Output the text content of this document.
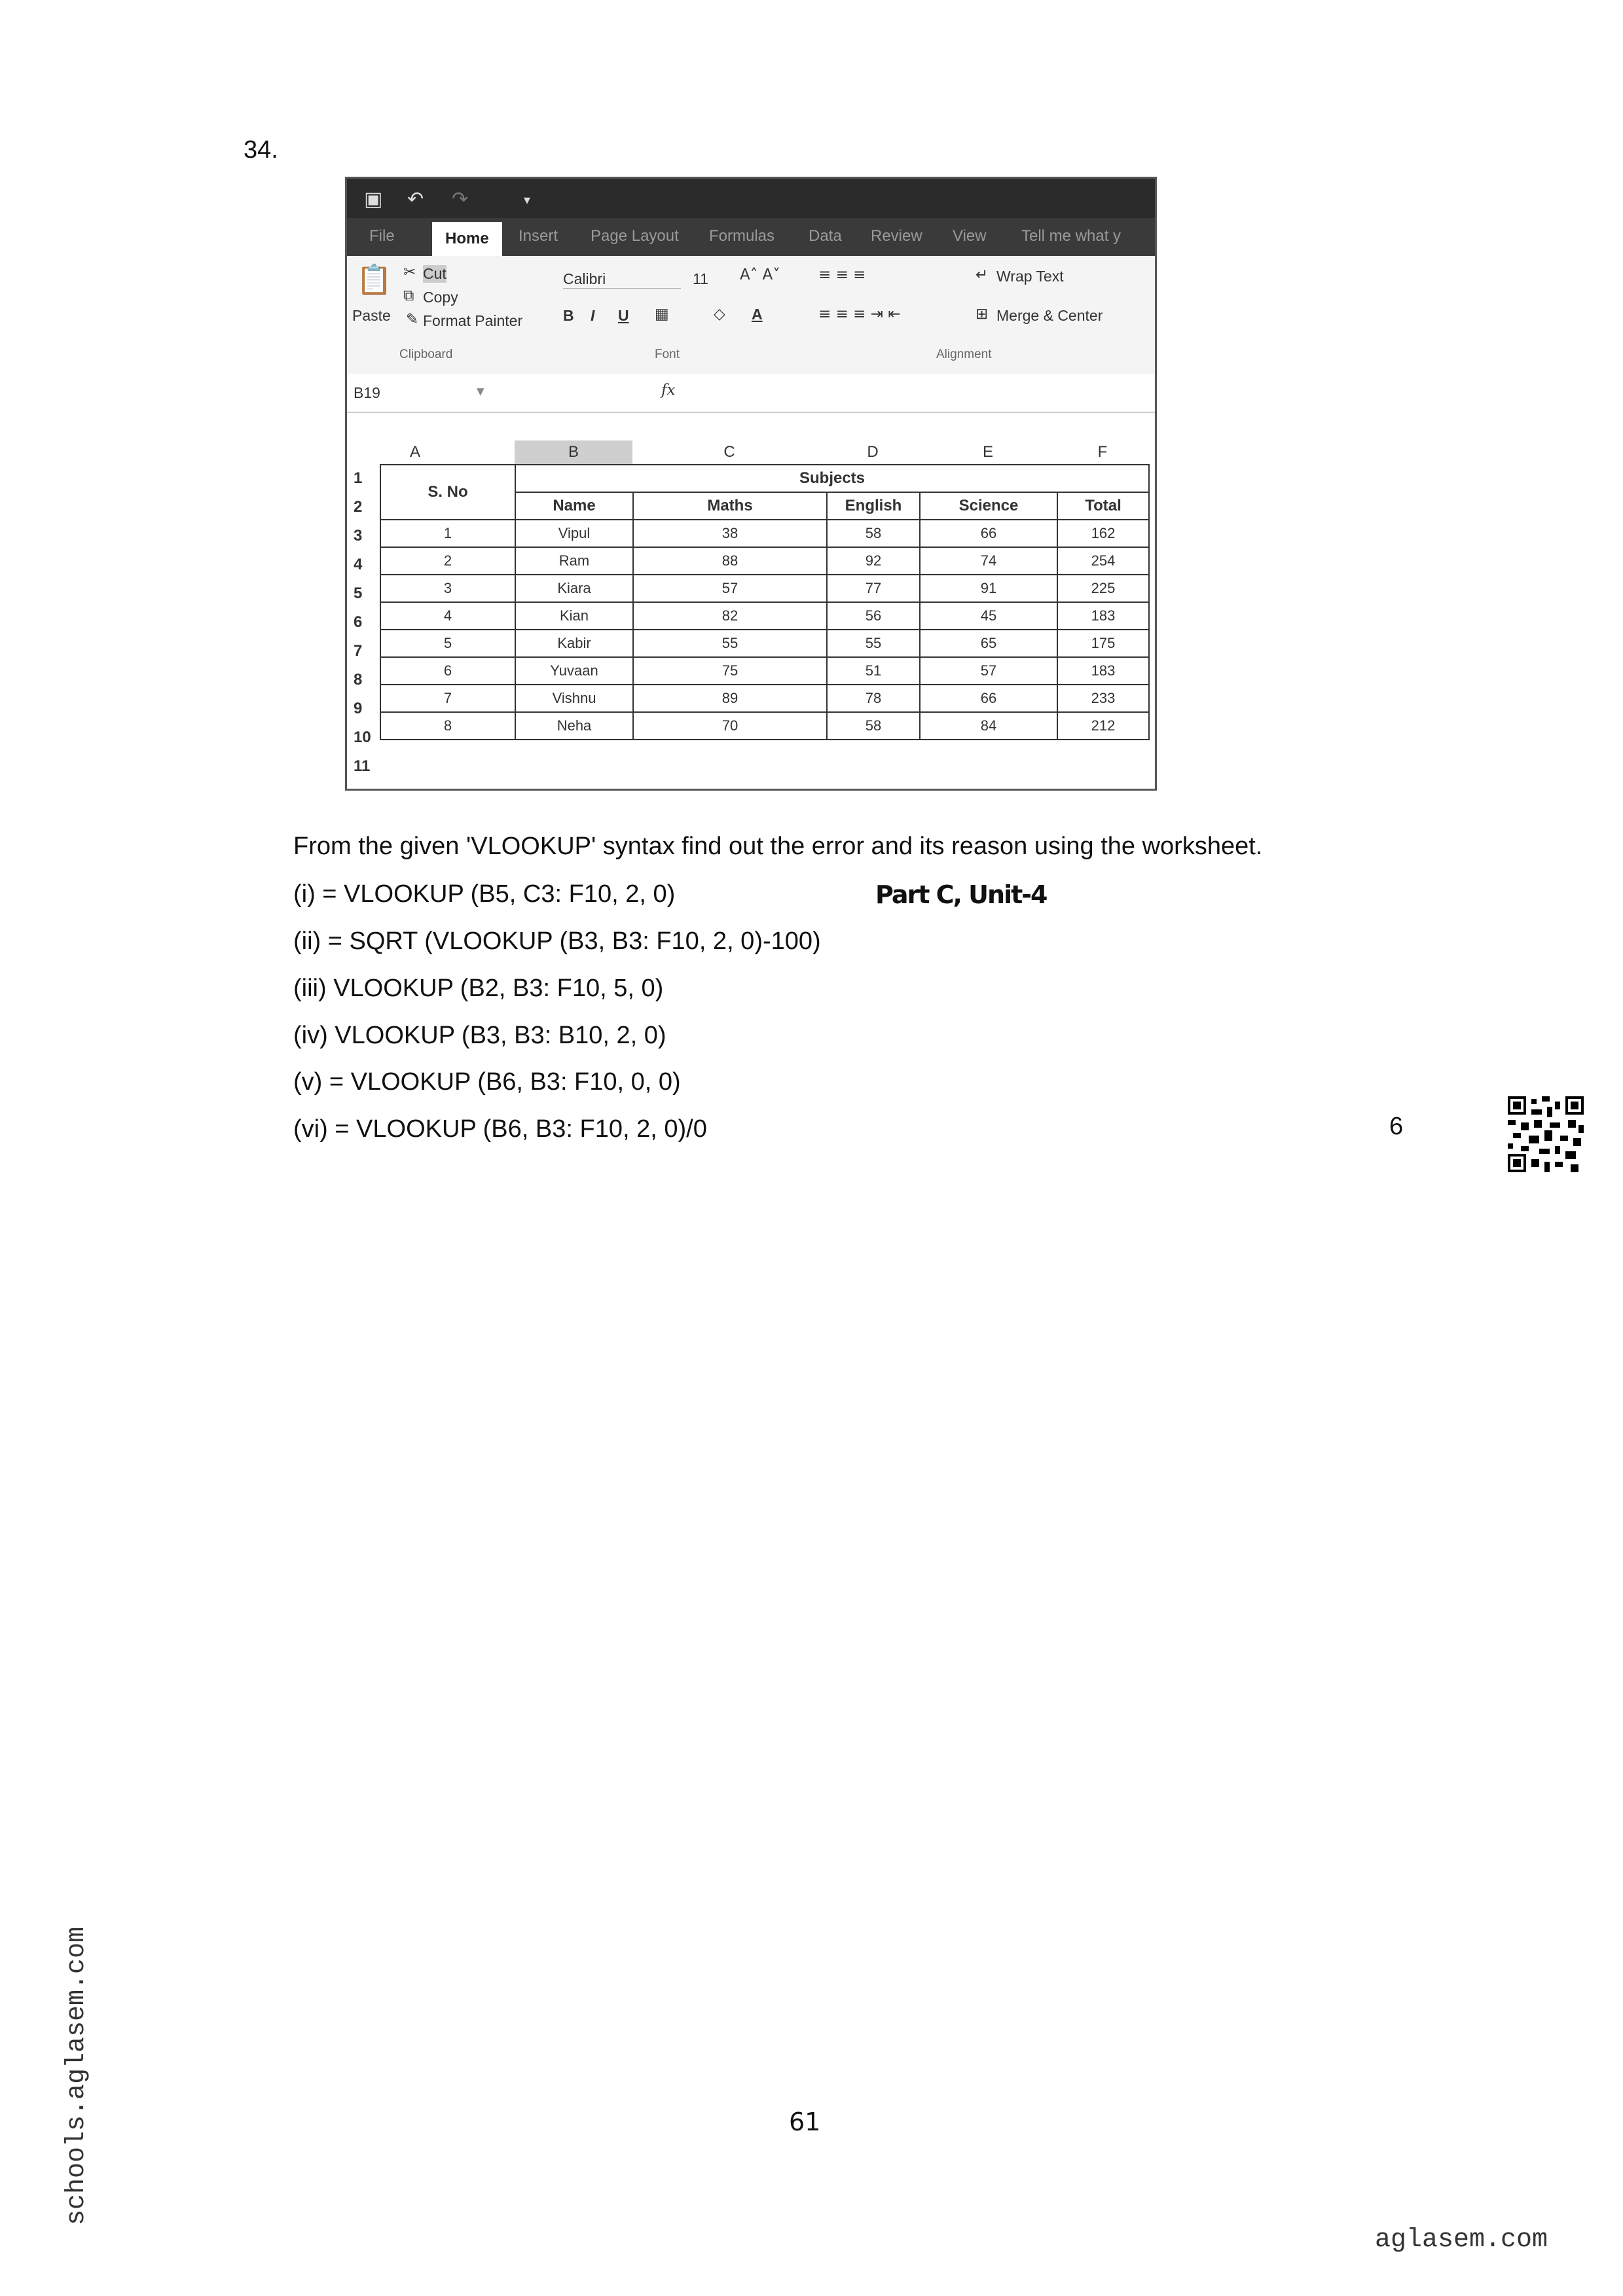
34.
▣ ↶ ↷	▾
File	Home	Insert Page Layout Formulas Data Review View Tell me what y
📋
Paste
✂ Cut
⧉ Copy
✎ Format Painter
Clipboard
Calibri	11 A˄ A˅
B I U ▦	◇ A
Font
≡ ≡ ≡
≡ ≡ ≡ ⇥ ⇤
↵ Wrap Text
⊞ Merge & Center
Alignment
B19	▾	fx
A	B	C	D	E	F
1
2
3
4
5
6
7
8
9
10
11
S. No	Subjects				
	Name	Maths	English	Science	Total
1	Vipul	38	58	66	162
2	Ram	88	92	74	254
3	Kiara	57	77	91	225
4	Kian	82	56	45	183
5	Kabir	55	55	65	175
6	Yuvaan	75	51	57	183
7	Vishnu	89	78	66	233
8	Neha	70	58	84	212
From the given 'VLOOKUP' syntax find out the error and its reason using the worksheet.
Part C, Unit-4
(i) = VLOOKUP (B5, C3: F10, 2, 0)
(ii) = SQRT (VLOOKUP (B3, B3: F10, 2, 0)-100)
(iii) VLOOKUP (B2, B3: F10, 5, 0)
(iv) VLOOKUP (B3, B3: B10, 2, 0)
(v) = VLOOKUP (B6, B3: F10, 0, 0)
(vi) = VLOOKUP (B6, B3: F10, 2, 0)/0	6
61
schools.aglasem.com
aglasem.com
